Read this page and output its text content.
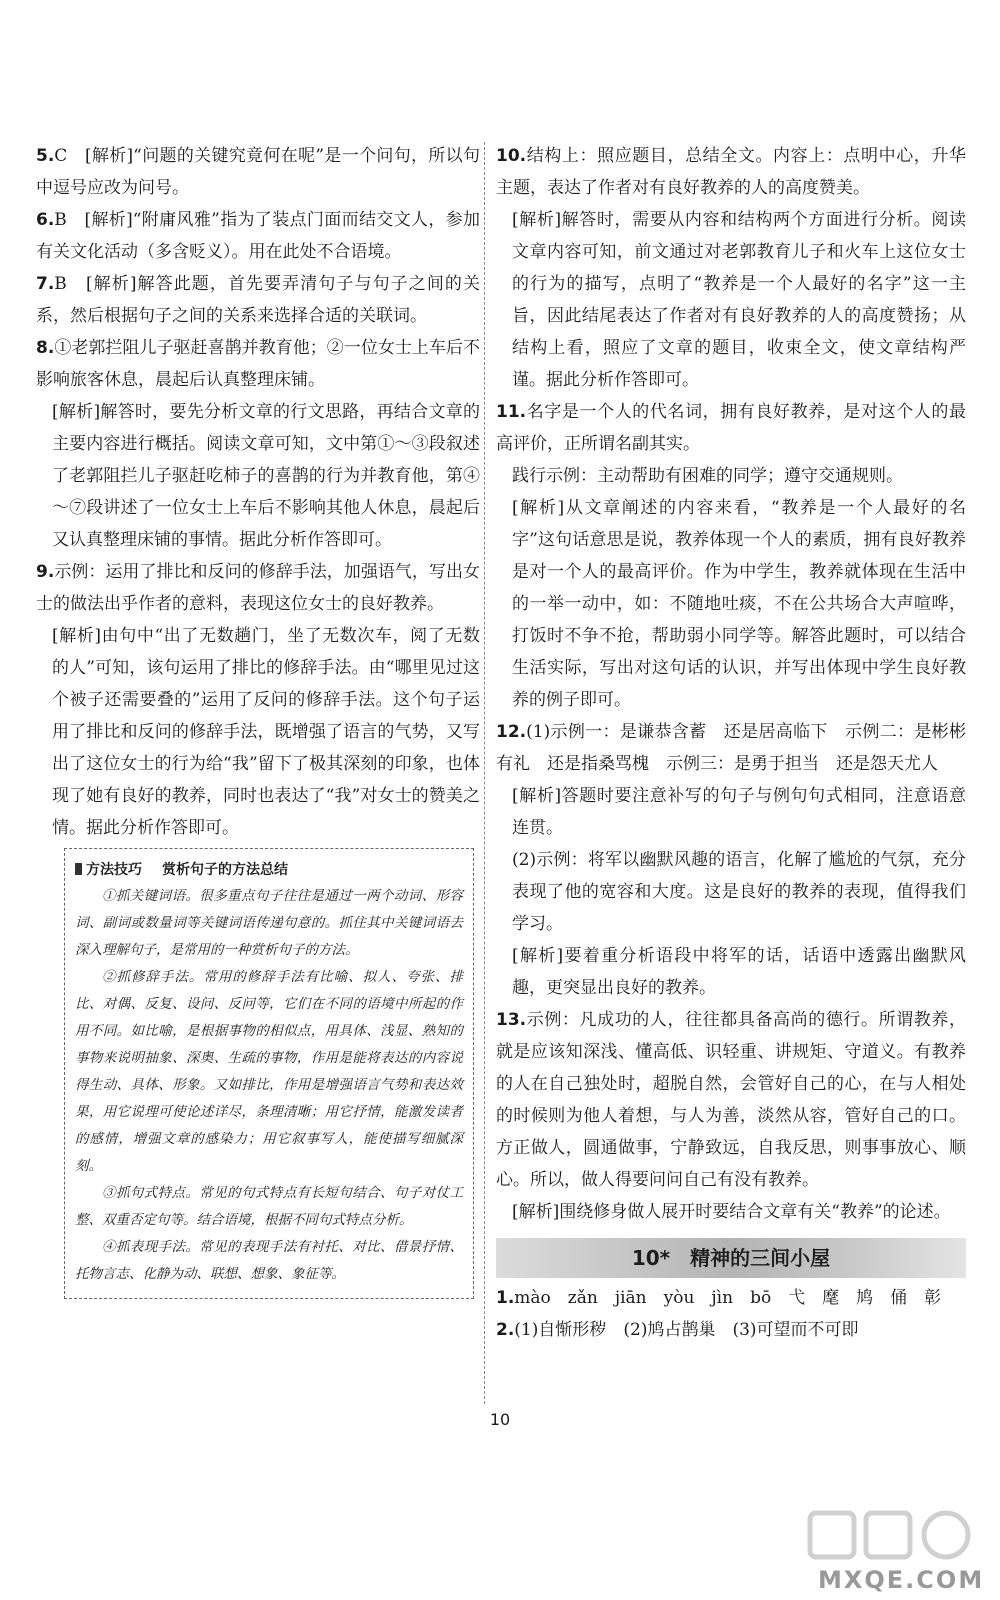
5.C　[解析]“问题的关键究竟何在呢”是一个问句，所以句中逗号应改为问号。

6.B　[解析]“附庸风雅”指为了装点门面而结交文人，参加有关文化活动（多含贬义）。用在此处不合语境。

7.B　[解析]解答此题，首先要弄清句子与句子之间的关系，然后根据句子之间的关系来选择合适的关联词。

8.①老郭拦阻儿子驱赶喜鹊并教育他；②一位女士上车后不影响旅客休息，晨起后认真整理床铺。

[解析]解答时，要先分析文章的行文思路，再结合文章的主要内容进行概括。阅读文章可知，文中第①～③段叙述了老郭阻拦儿子驱赶吃柿子的喜鹊的行为并教育他，第④～⑦段讲述了一位女士上车后不影响其他人休息，晨起后又认真整理床铺的事情。据此分析作答即可。

9.示例：运用了排比和反问的修辞手法，加强语气，写出女士的做法出乎作者的意料，表现这位女士的良好教养。

[解析]由句中“出了无数趟门，坐了无数次车，阅了无数的人”可知，该句运用了排比的修辞手法。由“哪里见过这个被子还需要叠的”运用了反问的修辞手法。这个句子运用了排比和反问的修辞手法，既增强了语言的气势，又写出了这位女士的行为给“我”留下了极其深刻的印象，也体现了她有良好的教养，同时也表达了“我”对女士的赞美之情。据此分析作答即可。

方法技巧 赏析句子的方法总结

①抓关键词语。很多重点句子往往是通过一两个动词、形容词、副词或数量词等关键词语传递句意的。抓住其中关键词语去深入理解句子，是常用的一种赏析句子的方法。

②抓修辞手法。常用的修辞手法有比喻、拟人、夸张、排比、对偶、反复、设问、反问等，它们在不同的语境中所起的作用不同。如比喻，是根据事物的相似点，用具体、浅显、熟知的事物来说明抽象、深奥、生疏的事物，作用是能将表达的内容说得生动、具体、形象。又如排比，作用是增强语言气势和表达效果，用它说理可使论述详尽，条理清晰；用它抒情，能激发读者的感情，增强文章的感染力；用它叙事写人，能使描写细腻深刻。

③抓句式特点。常见的句式特点有长短句结合、句子对仗工整、双重否定句等。结合语境，根据不同句式特点分析。

④抓表现手法。常见的表现手法有衬托、对比、借景抒情、托物言志、化静为动、联想、想象、象征等。

10.结构上：照应题目，总结全文。内容上：点明中心，升华主题，表达了作者对有良好教养的人的高度赞美。

[解析]解答时，需要从内容和结构两个方面进行分析。阅读文章内容可知，前文通过对老郭教育儿子和火车上这位女士的行为的描写，点明了“教养是一个人最好的名字”这一主旨，因此结尾表达了作者对有良好教养的人的高度赞扬；从结构上看，照应了文章的题目，收束全文，使文章结构严谨。据此分析作答即可。

11.名字是一个人的代名词，拥有良好教养，是对这个人的最高评价，正所谓名副其实。

践行示例：主动帮助有困难的同学；遵守交通规则。

[解析]从文章阐述的内容来看，“教养是一个人最好的名字”这句话意思是说，教养体现一个人的素质，拥有良好教养是对一个人的最高评价。作为中学生，教养就体现在生活中的一举一动中，如：不随地吐痰，不在公共场合大声喧哗，打饭时不争不抢，帮助弱小同学等。解答此题时，可以结合生活实际，写出对这句话的认识，并写出体现中学生良好教养的例子即可。

12.(1)示例一：是谦恭含蓄　还是居高临下　示例二：是彬彬有礼　还是指桑骂槐　示例三：是勇于担当　还是怨天尤人

[解析]答题时要注意补写的句子与例句句式相同，注意语意连贯。

(2)示例：将军以幽默风趣的语言，化解了尴尬的气氛，充分表现了他的宽容和大度。这是良好的教养的表现，值得我们学习。

[解析]要着重分析语段中将军的话，话语中透露出幽默风趣，更突显出良好的教养。

13.示例：凡成功的人，往往都具备高尚的德行。所谓教养，就是应该知深浅、懂高低、识轻重、讲规矩、守道义。有教养的人在自己独处时，超脱自然，会管好自己的心，在与人相处的时候则为他人着想，与人为善，淡然从容，管好自己的口。方正做人，圆通做事，宁静致远，自我反思，则事事放心、顺心。所以，做人得要问问自己有没有教养。

[解析]围绕修身做人展开时要结合文章有关“教养”的论述。

10*　精神的三间小屋

1.mào　zǎn　jiān　yòu　jìn　bō　弋　麾　鸠　俑　彰

2.(1)自惭形秽　(2)鸠占鹊巢　(3)可望而不可即

10
MXQE.COM
